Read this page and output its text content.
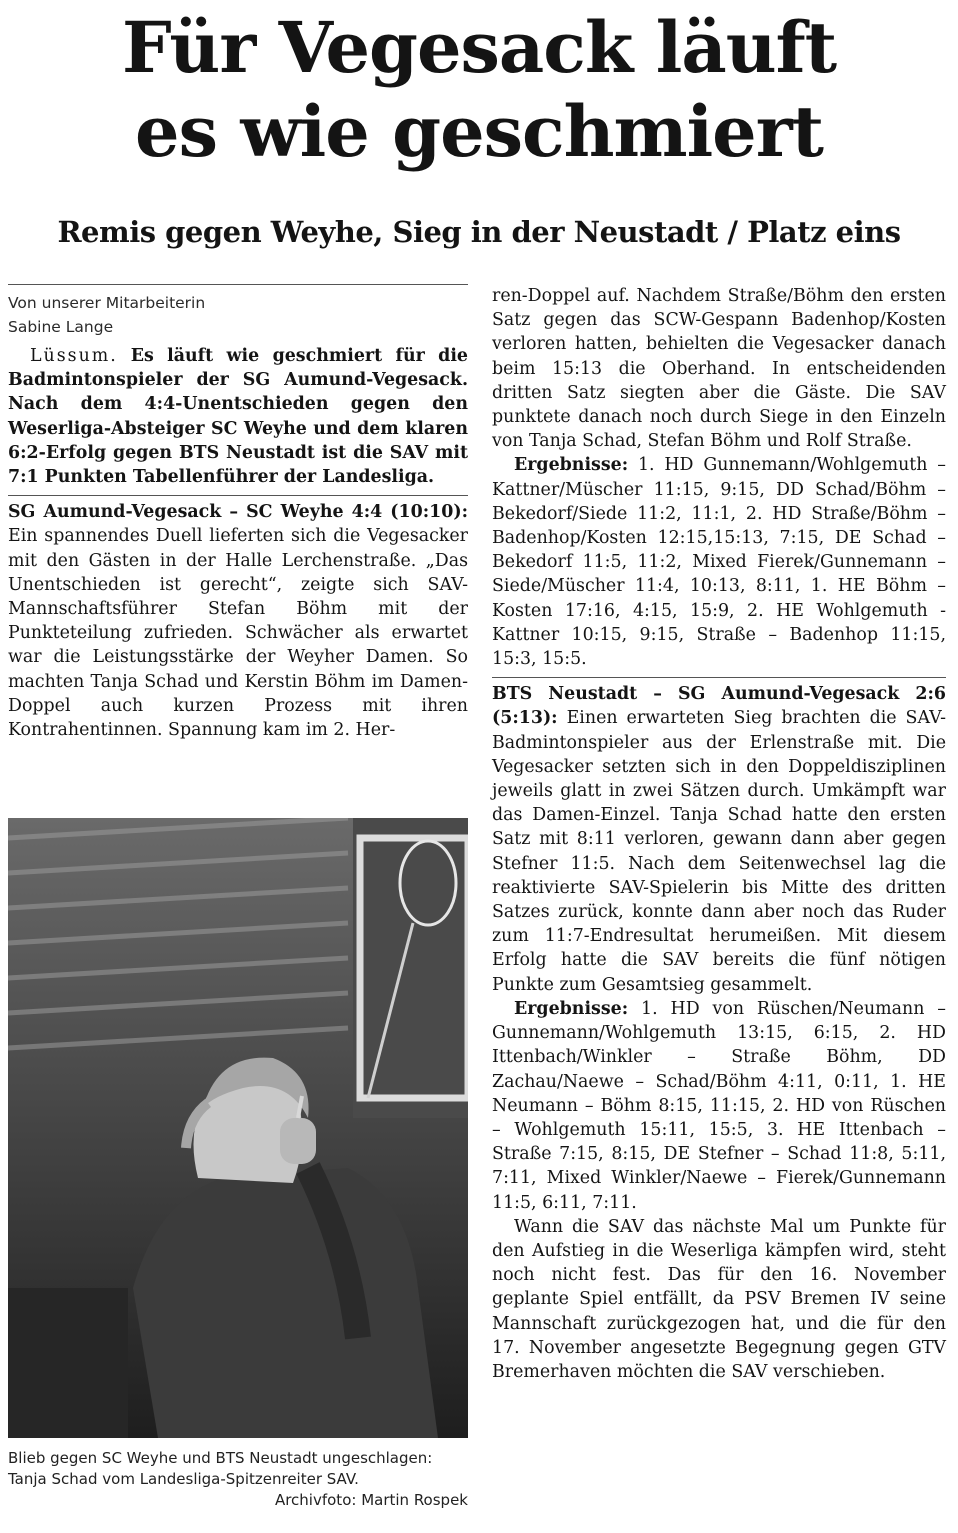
Für Vegesack läuft
es wie geschmiert
Remis gegen Weyhe, Sieg in der Neustadt / Platz eins
Von unserer Mitarbeiterin
Sabine Lange

Lüssum. Es läuft wie geschmiert für die Badmintonspieler der SG Aumund-Vegesack. Nach dem 4:4-Unentschieden gegen den Weserliga-Absteiger SC Weyhe und dem klaren 6:2-Erfolg gegen BTS Neustadt ist die SAV mit 7:1 Punkten Tabellenführer der Landesliga.

SG Aumund-Vegesack – SC Weyhe 4:4 (10:10): Ein spannendes Duell lieferten sich die Vegesacker mit den Gästen in der Halle Lerchenstraße. „Das Unentschieden ist gerecht“, zeigte sich SAV-Mannschaftsführer Stefan Böhm mit der Punkteteilung zufrieden. Schwächer als erwartet war die Leistungsstärke der Weyher Damen. So machten Tanja Schad und Kerstin Böhm im Damen-Doppel auch kurzen Prozess mit ihren Kontrahentinnen. Spannung kam im 2. Her-

Blieb gegen SC Weyhe und BTS Neustadt ungeschlagen: Tanja Schad vom Landesliga-Spitzenreiter SAV.
Archivfoto: Martin Rospek

ren-Doppel auf. Nachdem Straße/Böhm den ersten Satz gegen das SCW-Gespann Badenhop/Kosten verloren hatten, behielten die Vegesacker danach beim 15:13 die Oberhand. In entscheidenden dritten Satz siegten aber die Gäste. Die SAV punktete danach noch durch Siege in den Einzeln von Tanja Schad, Stefan Böhm und Rolf Straße.

Ergebnisse: 1. HD Gunnemann/Wohlgemuth – Kattner/Müscher 11:15, 9:15, DD Schad/Böhm – Bekedorf/Siede 11:2, 11:1, 2. HD Straße/Böhm – Badenhop/Kosten 12:15,15:13, 7:15, DE Schad – Bekedorf 11:5, 11:2, Mixed Fierek/Gunnemann – Siede/Müscher 11:4, 10:13, 8:11, 1. HE Böhm – Kosten 17:16, 4:15, 15:9, 2. HE Wohlgemuth - Kattner 10:15, 9:15, Straße – Badenhop 11:15, 15:3, 15:5.

BTS Neustadt – SG Aumund-Vegesack 2:6 (5:13): Einen erwarteten Sieg brachten die SAV-Badmintonspieler aus der Erlenstraße mit. Die Vegesacker setzten sich in den Doppeldisziplinen jeweils glatt in zwei Sätzen durch. Umkämpft war das Damen-Einzel. Tanja Schad hatte den ersten Satz mit 8:11 verloren, gewann dann aber gegen Stefner 11:5. Nach dem Seitenwechsel lag die reaktivierte SAV-Spielerin bis Mitte des dritten Satzes zurück, konnte dann aber noch das Ruder zum 11:7-Endresultat herumeißen. Mit diesem Erfolg hatte die SAV bereits die fünf nötigen Punkte zum Gesamtsieg gesammelt.

Ergebnisse: 1. HD von Rüschen/Neumann – Gunnemann/Wohlgemuth 13:15, 6:15, 2. HD Ittenbach/Winkler – Straße Böhm, DD Zachau/Naewe – Schad/Böhm 4:11, 0:11, 1. HE Neumann – Böhm 8:15, 11:15, 2. HD von Rüschen – Wohlgemuth 15:11, 15:5, 3. HE Ittenbach – Straße 7:15, 8:15, DE Stefner – Schad 11:8, 5:11, 7:11, Mixed Winkler/Naewe – Fierek/Gunnemann 11:5, 6:11, 7:11.

Wann die SAV das nächste Mal um Punkte für den Aufstieg in die Weserliga kämpfen wird, steht noch nicht fest. Das für den 16. November geplante Spiel entfällt, da PSV Bremen IV seine Mannschaft zurückgezogen hat, und die für den 17. November angesetzte Begegnung gegen GTV Bremerhaven möchten die SAV verschieben.
